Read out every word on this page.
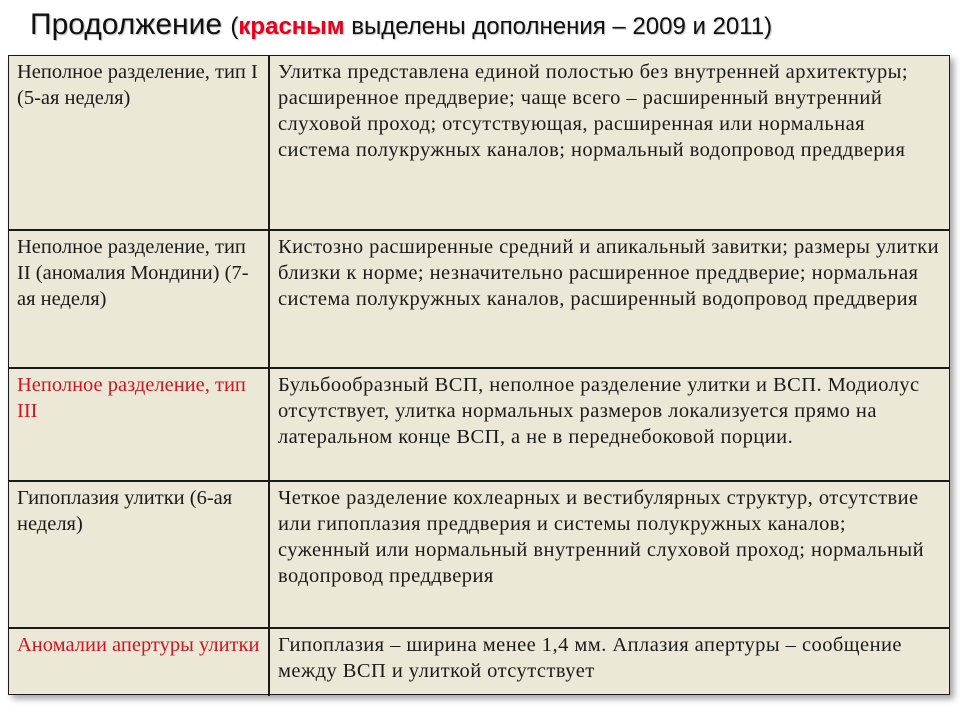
Продолжение (красным выделены дополнения – 2009 и 2011)
Неполное разделение, тип I (5-ая неделя)	Улитка представлена единой полостью без внутренней архитектуры; расширенное преддверие; чаще всего – расширенный внутренний слуховой проход; отсутствующая, расширенная или нормальная система полукружных каналов; нормальный водопровод преддверия
Неполное разделение, тип II (аномалия Мондини) (7-ая неделя)	Кистозно расширенные средний и апикальный завитки; размеры улитки близки к норме; незначительно расширенное преддверие; нормальная система полукружных каналов, расширенный водопровод преддверия
Неполное разделение, тип III	Бульбообразный ВСП, неполное разделение улитки и ВСП. Модиолус отсутствует, улитка нормальных размеров локализуется прямо на латеральном конце ВСП, а не в переднебоковой порции.
Гипоплазия улитки (6-ая неделя)	Четкое разделение кохлеарных и вестибулярных структур, отсутствие или гипоплазия преддверия и системы полукружных каналов; суженный или нормальный внутренний слуховой проход; нормальный водопровод преддверия
Аномалии апертуры улитки	Гипоплазия – ширина менее 1,4 мм. Аплазия апертуры – сообщение между ВСП и улиткой отсутствует
